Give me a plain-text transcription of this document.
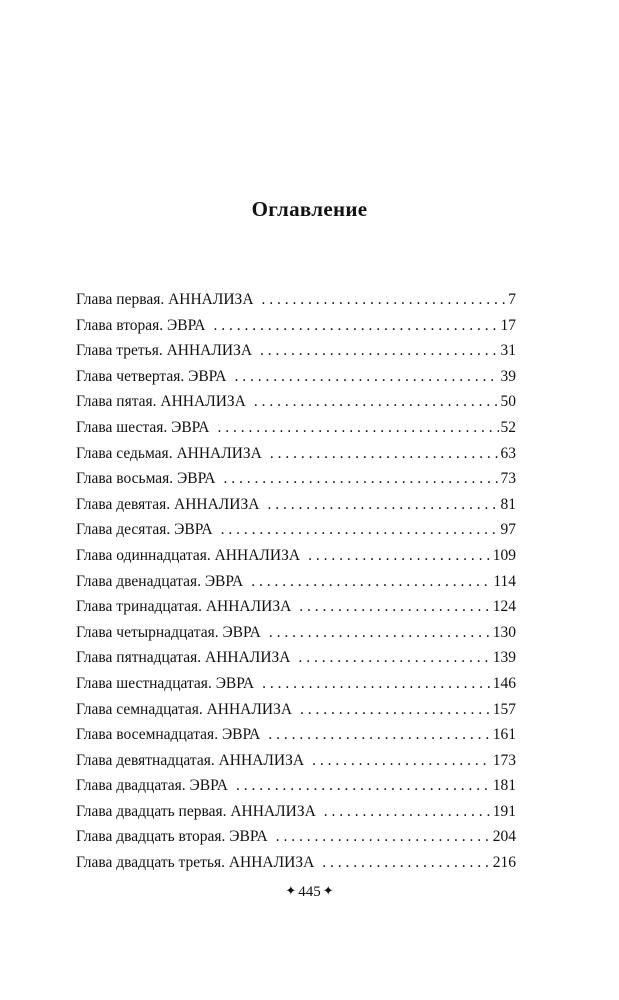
Оглавление
Глава первая. АННАЛИЗА . . .	7
Глава вторая. ЭВРА . . .	17
Глава третья. АННАЛИЗА . . .	31
Глава четвертая. ЭВРА . . .	39
Глава пятая. АННАЛИЗА . . .	50
Глава шестая. ЭВРА . . .	52
Глава седьмая. АННАЛИЗА . . .	63
Глава восьмая. ЭВРА . . .	73
Глава девятая. АННАЛИЗА . . .	81
Глава десятая. ЭВРА . . .	97
Глава одиннадцатая. АННАЛИЗА . . .	109
Глава двенадцатая. ЭВРА . . .	114
Глава тринадцатая. АННАЛИЗА . . .	124
Глава четырнадцатая. ЭВРА . . .	130
Глава пятнадцатая. АННАЛИЗА . . .	139
Глава шестнадцатая. ЭВРА . . .	146
Глава семнадцатая. АННАЛИЗА . . .	157
Глава восемнадцатая. ЭВРА . . .	161
Глава девятнадцатая. АННАЛИЗА . . .	173
Глава двадцатая. ЭВРА . . .	181
Глава двадцать первая. АННАЛИЗА . . .	191
Глава двадцать вторая. ЭВРА . . .	204
Глава двадцать третья. АННАЛИЗА . . .	216
✦ 445 ✦
